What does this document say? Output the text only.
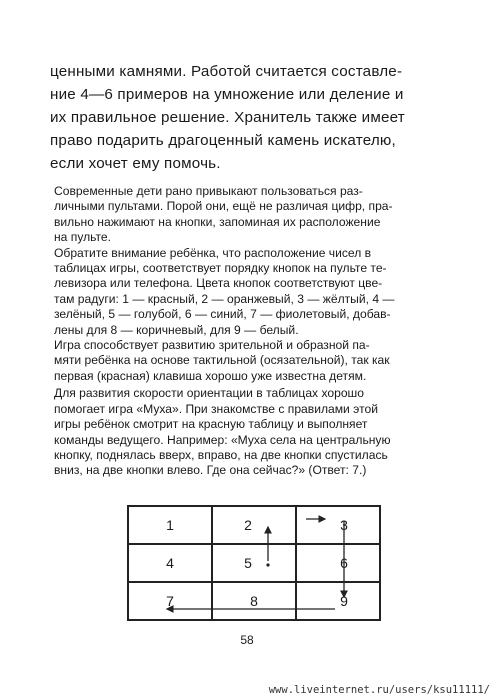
ценными камнями. Работой считается составле-
ние 4—6 примеров на умножение или деление и
их правильное решение. Хранитель также имеет
право подарить драгоценный камень искателю,
если хочет ему помочь.

Современные дети рано привыкают пользоваться раз-
личными пультами. Порой они, ещё не различая цифр, пра-
вильно нажимают на кнопки, запоминая их расположение
на пульте.

Обратите внимание ребёнка, что расположение чисел в
таблицах игры, соответствует порядку кнопок на пульте те-
левизора или телефона. Цвета кнопок соответствуют цве-
там радуги: 1 — красный, 2 — оранжевый, 3 — жёлтый, 4 —
зелёный, 5 — голубой, 6 — синий, 7 — фиолетовый, добав-
лены для 8 — коричневый, для 9 — белый.

Игра способствует развитию зрительной и образной па-
мяти ребёнка на основе тактильной (осязательной), так как
первая (красная) клавиша хорошо уже известна детям.

Для развития скорости ориентации в таблицах хорошо
помогает игра «Муха». При знакомстве с правилами этой
игры ребёнок смотрит на красную таблицу и выполняет
команды ведущего. Например: «Муха села на центральную
кнопку, поднялась вверх, вправо, на две кнопки спустилась
вниз, на две кнопки влево. Где она сейчас?» (Ответ: 7.)

1	2	3
4	5	6
7	8	9
58
www.liveinternet.ru/users/ksu11111/
